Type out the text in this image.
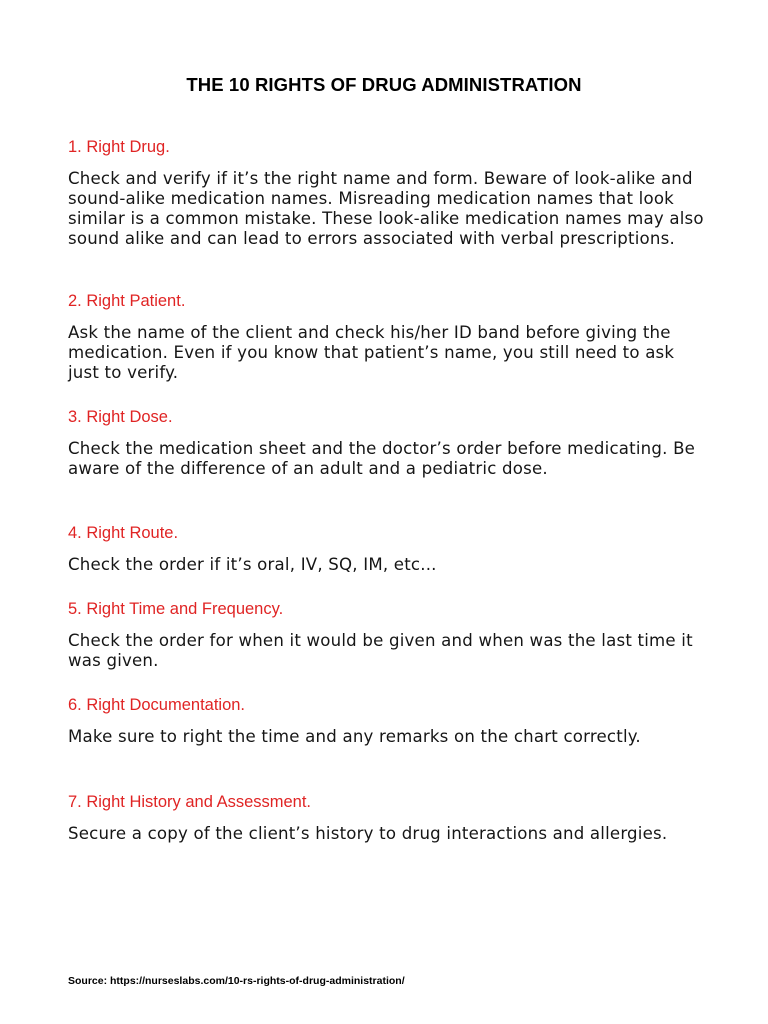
THE 10 RIGHTS OF DRUG ADMINISTRATION

1. Right Drug.

Check and verify if it’s the right name and form. Beware of look-alike and sound-alike medication names. Misreading medication names that look similar is a common mistake. These look-alike medication names may also sound alike and can lead to errors associated with verbal prescriptions.

2. Right Patient.

Ask the name of the client and check his/her ID band before giving the medication. Even if you know that patient’s name, you still need to ask just to verify.

3. Right Dose.

Check the medication sheet and the doctor’s order before medicating. Be aware of the difference of an adult and a pediatric dose.

4. Right Route.

Check the order if it’s oral, IV, SQ, IM, etc...

5. Right Time and Frequency.

Check the order for when it would be given and when was the last time it was given.

6. Right Documentation.

Make sure to right the time and any remarks on the chart correctly.

7. Right History and Assessment.

Secure a copy of the client’s history to drug interactions and allergies.

Source: https://nurseslabs.com/10-rs-rights-of-drug-administration/
